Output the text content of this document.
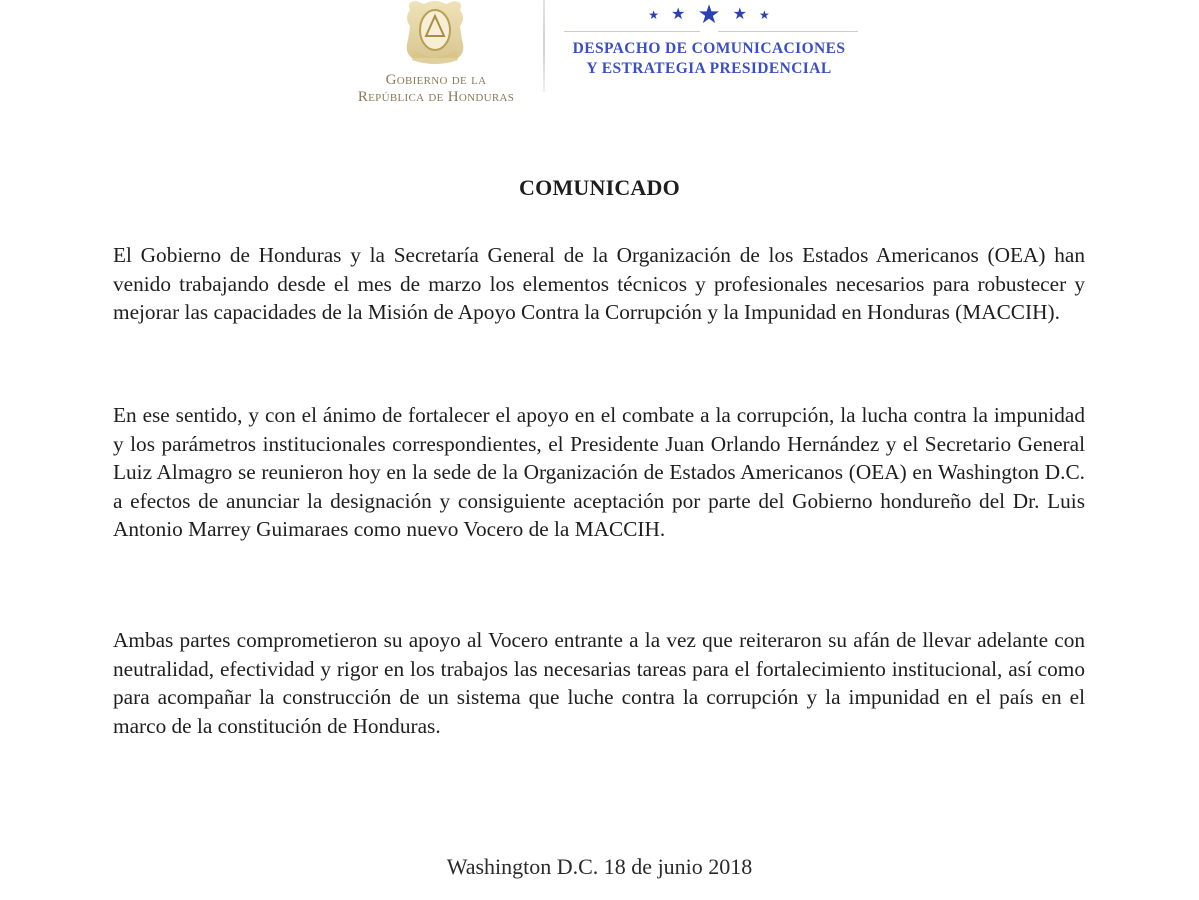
Gobierno de la
República de Honduras
★ ★ ★ ★ ★
DESPACHO DE COMUNICACIONES
Y ESTRATEGIA PRESIDENCIAL
COMUNICADO

El Gobierno de Honduras y la Secretaría General de la Organización de los Estados Americanos (OEA) han venido trabajando desde el mes de marzo los elementos técnicos y profesionales necesarios para robustecer y mejorar las capacidades de la Misión de Apoyo Contra la Corrupción y la Impunidad en Honduras (MACCIH).

En ese sentido, y con el ánimo de fortalecer el apoyo en el combate a la corrupción, la lucha contra la impunidad y los parámetros institucionales correspondientes, el Presidente Juan Orlando Hernández y el Secretario General Luiz Almagro se reunieron hoy en la sede de la Organización de Estados Americanos (OEA) en Washington D.C. a efectos de anunciar la designación y consiguiente aceptación por parte del Gobierno hondureño del Dr. Luis Antonio Marrey Guimaraes como nuevo Vocero de la MACCIH.

Ambas partes comprometieron su apoyo al Vocero entrante a la vez que reiteraron su afán de llevar adelante con neutralidad, efectividad y rigor en los trabajos las necesarias tareas para el fortalecimiento institucional, así como para acompañar la construcción de un sistema que luche contra la corrupción y la impunidad en el país en el marco de la constitución de Honduras.

Washington D.C. 18 de junio 2018
